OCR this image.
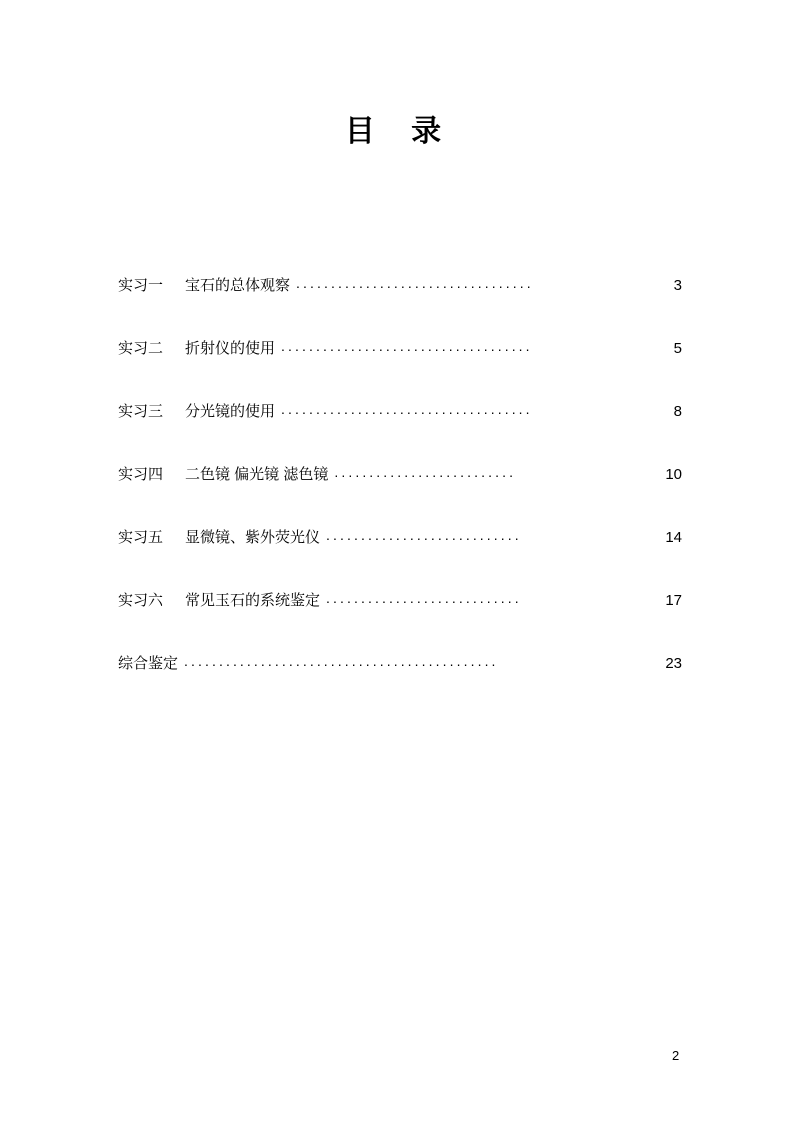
目 录
实习一 宝石的总体观察 ..................................	3
实习二 折射仪的使用 ....................................	5
实习三 分光镜的使用 ....................................	8
实习四 二色镜 偏光镜 滤色镜 ..........................	10
实习五 显微镜、紫外荧光仪 ............................	14
实习六 常见玉石的系统鉴定 ............................	17
综合鉴定 .............................................	23
2
